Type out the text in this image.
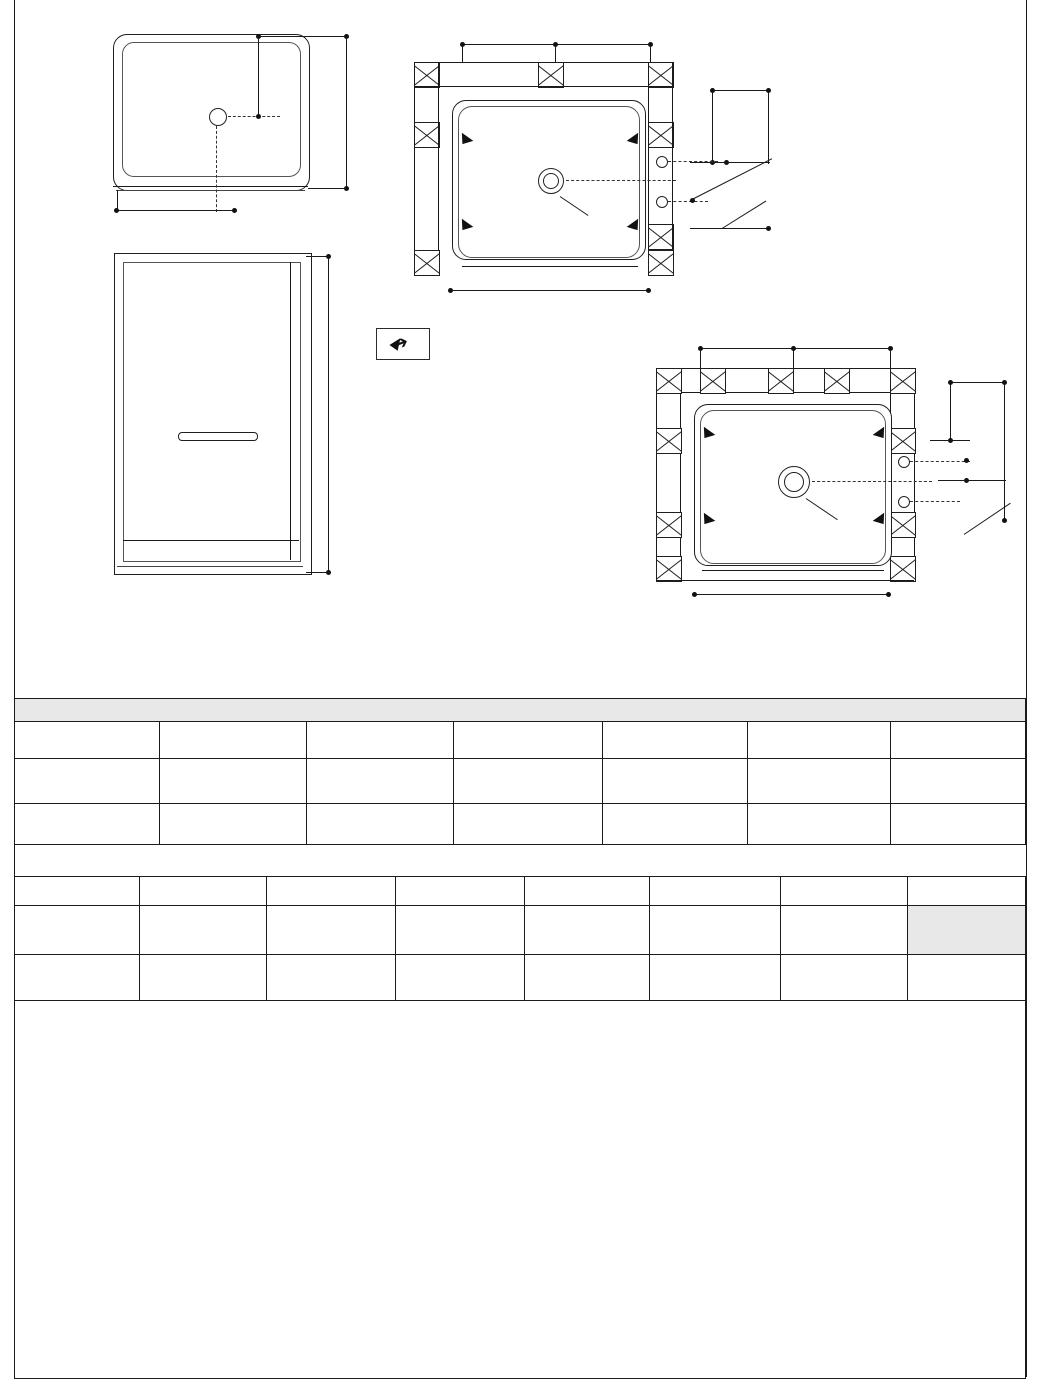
➔
